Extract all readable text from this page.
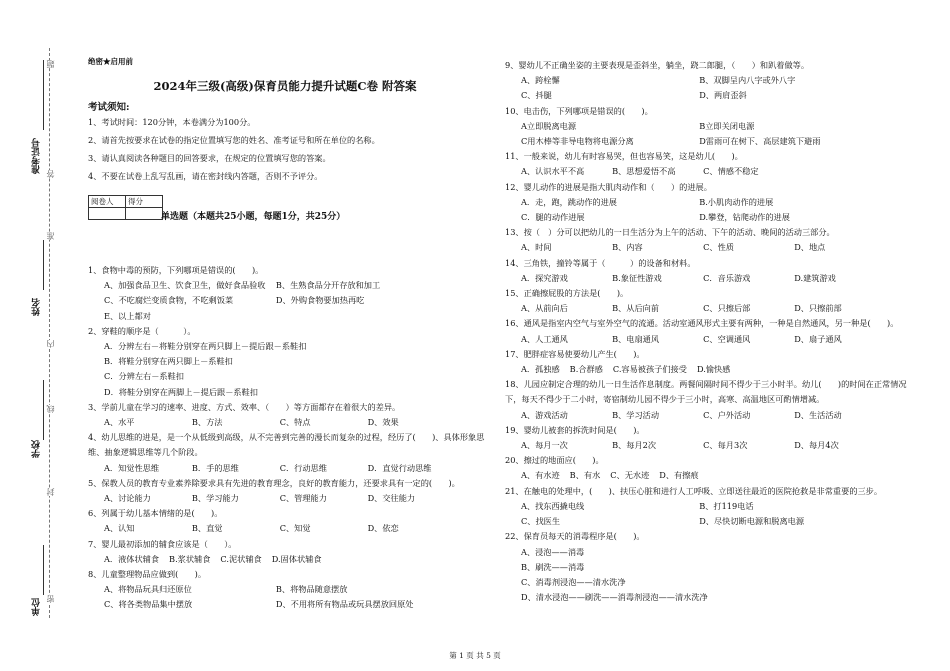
准考证号
姓名
学校
单位
题
答
准
内
线
封
密
绝密★启用前
2024年三级(高级)保育员能力提升试题C卷 附答案
考试须知:
1、考试时间：120分钟，本卷满分为100分。
2、请首先按要求在试卷的指定位置填写您的姓名、准考证号和所在单位的名称。
3、请认真阅读各种题目的回答要求，在规定的位置填写您的答案。
4、不要在试卷上乱写乱画，请在密封线内答题，否则不予评分。
阅卷人	得分

单选题（本题共25小题，每题1分，共25分）
1、食物中毒的预防，下列哪项是错误的(　　)。
A、加强食品卫生、饮食卫生，做好食品验收	B、生熟食品分开存放和加工
C、不吃腐烂变质食物，不吃剩饭菜	D、外购食物要加热再吃
E、以上都对
2、穿鞋的顺序是（　　　）。
A．分辨左右－将鞋分别穿在两只脚上－提后跟－系鞋扣
B．将鞋分别穿在两只脚上－系鞋扣
C．分辨左右－系鞋扣
D．将鞋分别穿在两脚上－提后跟－系鞋扣
3、学前儿童在学习的速率、进度、方式、效率、（　　）等方面都存在着很大的差异。
A、水平	B、方法	C、特点	D、效果
4、幼儿思维的进是，是一个从低级到高级，从不完善到完善的漫长而复杂的过程，经历了(　　)、具体形象思维、抽象逻辑思维等几个阶段。
A．知觉性思维	B．手的思维	C．行动思维	D．直觉行动思维
5、保教人员的教育专业素养除要求具有先进的教育理念，良好的教育能力，还要求具有一定的(　　)。
A、讨论能力	B、学习能力	C、管理能力	D、交往能力
6、列属于幼儿基本情绪的是(　　)。
A、认知	B、直觉	C、知觉	D、依恋
7、婴儿最初添加的辅食应该是（　　）。
A．液体状辅食 B.浆状辅食 C.泥状辅食 D.固体状辅食
8、儿童整理物品应做到(　　)。
A、将物品玩具归还原位	B、将物品随意摆放
C、将各类物品集中摆放	D、不用将所有物品或玩具摆放回原处
9、婴幼儿不正确坐姿的主要表现是歪斜坐，躺坐，跷二郎腿，（　　）和趴着做等。
A、跨栓懈	B、双脚呈内八字或外八字
C、抖腿	D、两肩歪斜
10、电击伤，下列哪项是错误的(　　)。
A立即脱离电源	B立即关闭电源
C用木棒等非导电物将电源分离	D雷雨可在树下、高层建筑下避雨
11、一般来说，幼儿有时容易哭，但也容易笑，这是幼儿(　　)。
A、认识水平不高	B、思想爱悟不高	C、情感不稳定
12、婴儿动作的进展是指大肌肉动作和（　　）的进展。
A．走，跑，跳动作的进展	B.小肌肉动作的进展
C．腿的动作进展	D.攀登，钻爬动作的进展
13、按（　）分可以把幼儿的一日生活分为上午的活动、下午的活动、晚间的活动三部分。
A、时间	B、内容	C、性质	D、地点
14、三角铁，撞铃等属于（　　　）的设备和材料。
A．探究游戏	B.象征性游戏	C．音乐游戏	D.建筑游戏
15、正确擦屁股的方法是(　　)。
A、从前向后	B、从后向前	C、只擦后部	D、只擦前部
16、通风是指室内空气与室外空气的流通。活动室通风形式主要有两种，一种是自然通风，另一种是(　　)。
A、人工通风	B、电扇通风	C、空调通风	D、扇子通风
17、肥胖症容易使要幼儿产生(　　)。
A．孤独感 B.合群感 C.容易被孩子们接受 D.愉快感
18、儿园应制定合理的幼儿一日生活作息制度。两餐间隔时间不得少于三小时半。幼儿(　　)的时间在正常情况下，每天不得少于二小时，寄宿制幼儿园不得少于三小时，高寒、高温地区可酌情增减。
A、游戏活动	B、学习活动	C、户外活动	D、生活活动
19、婴幼儿被套的拆洗时间是(　　)。
A、每月一次	B、每月2次	C、每月3次	D、每月4次
20、擦过的地面应(　　)。
A、有水迹 B、有水 C、无水迹 D、有擦痕
21、在触电的处理中，(　　)、扶压心脏和进行人工呼吸、立即送往最近的医院抢救是非常重要的三步。
A、找东西撬电线	B、打119电话
C、找医生	D、尽快切断电源和脱离电源
22、保育员每天的消毒程序是(　　)。
A、浸泡——消毒
B、刷洗——消毒
C、消毒剂浸泡——清水洗净
D、清水浸泡——刷洗——消毒剂浸泡——清水洗净
第 1 页 共 5 页
